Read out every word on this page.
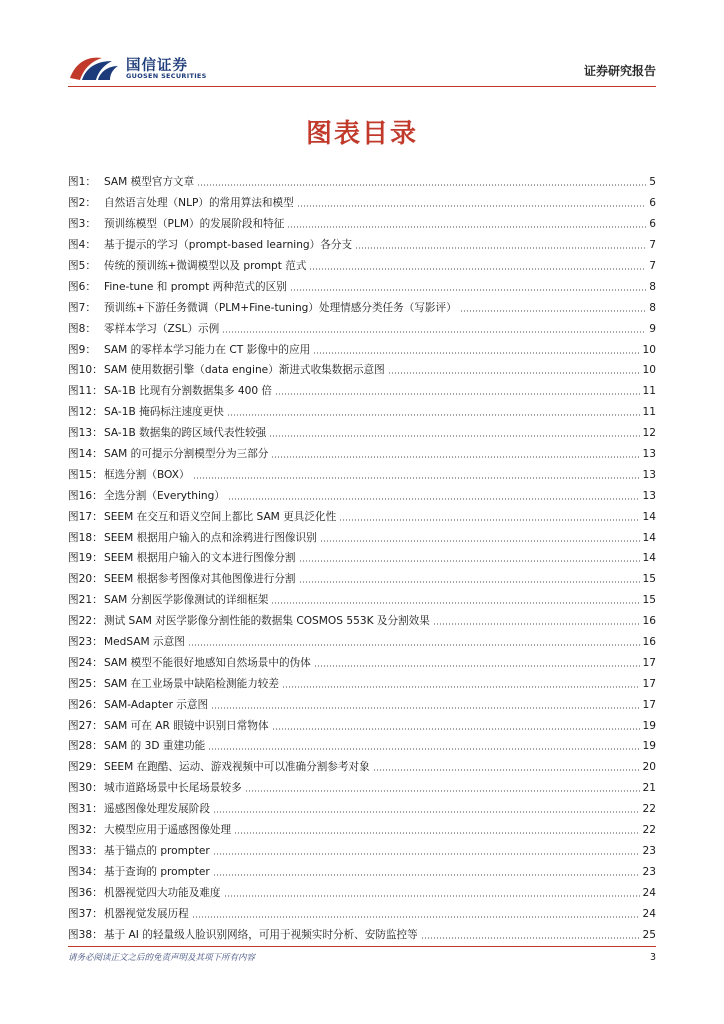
国信证券
GUOSEN SECURITIES	证券研究报告
图表目录
图1： SAM 模型官方文章	5
图2： 自然语言处理（NLP）的常用算法和模型	6
图3： 预训练模型（PLM）的发展阶段和特征	6
图4： 基于提示的学习（prompt-based learning）各分支	7
图5： 传统的预训练+微调模型以及 prompt 范式	7
图6： Fine-tune 和 prompt 两种范式的区别	8
图7： 预训练+下游任务微调（PLM+Fine-tuning）处理情感分类任务（写影评）	8
图8： 零样本学习（ZSL）示例	9
图9： SAM 的零样本学习能力在 CT 影像中的应用	10
图10： SAM 使用数据引擎（data engine）渐进式收集数据示意图	10
图11： SA-1B 比现有分割数据集多 400 倍	11
图12： SA-1B 掩码标注速度更快	11
图13： SA-1B 数据集的跨区域代表性较强	12
图14： SAM 的可提示分割模型分为三部分	13
图15： 框选分割（BOX）	13
图16： 全选分割（Everything）	13
图17： SEEM 在交互和语义空间上都比 SAM 更具泛化性	14
图18： SEEM 根据用户输入的点和涂鸦进行图像识别	14
图19： SEEM 根据用户输入的文本进行图像分割	14
图20： SEEM 根据参考图像对其他图像进行分割	15
图21： SAM 分割医学影像测试的详细框架	15
图22： 测试 SAM 对医学影像分割性能的数据集 COSMOS 553K 及分割效果	16
图23： MedSAM 示意图	16
图24： SAM 模型不能很好地感知自然场景中的伪体	17
图25： SAM 在工业场景中缺陷检测能力较差	17
图26： SAM-Adapter 示意图	17
图27： SAM 可在 AR 眼镜中识别日常物体	19
图28： SAM 的 3D 重建功能	19
图29： SEEM 在跑酷、运动、游戏视频中可以准确分割参考对象	20
图30： 城市道路场景中长尾场景较多	21
图31： 遥感图像处理发展阶段	22
图32： 大模型应用于遥感图像处理	22
图33： 基于锚点的 prompter	23
图34： 基于查询的 prompter	23
图36： 机器视觉四大功能及难度	24
图37： 机器视觉发展历程	24
图38： 基于 AI 的轻量级人脸识别网络，可用于视频实时分析、安防监控等	25
请务必阅读正文之后的免责声明及其项下所有内容	3
